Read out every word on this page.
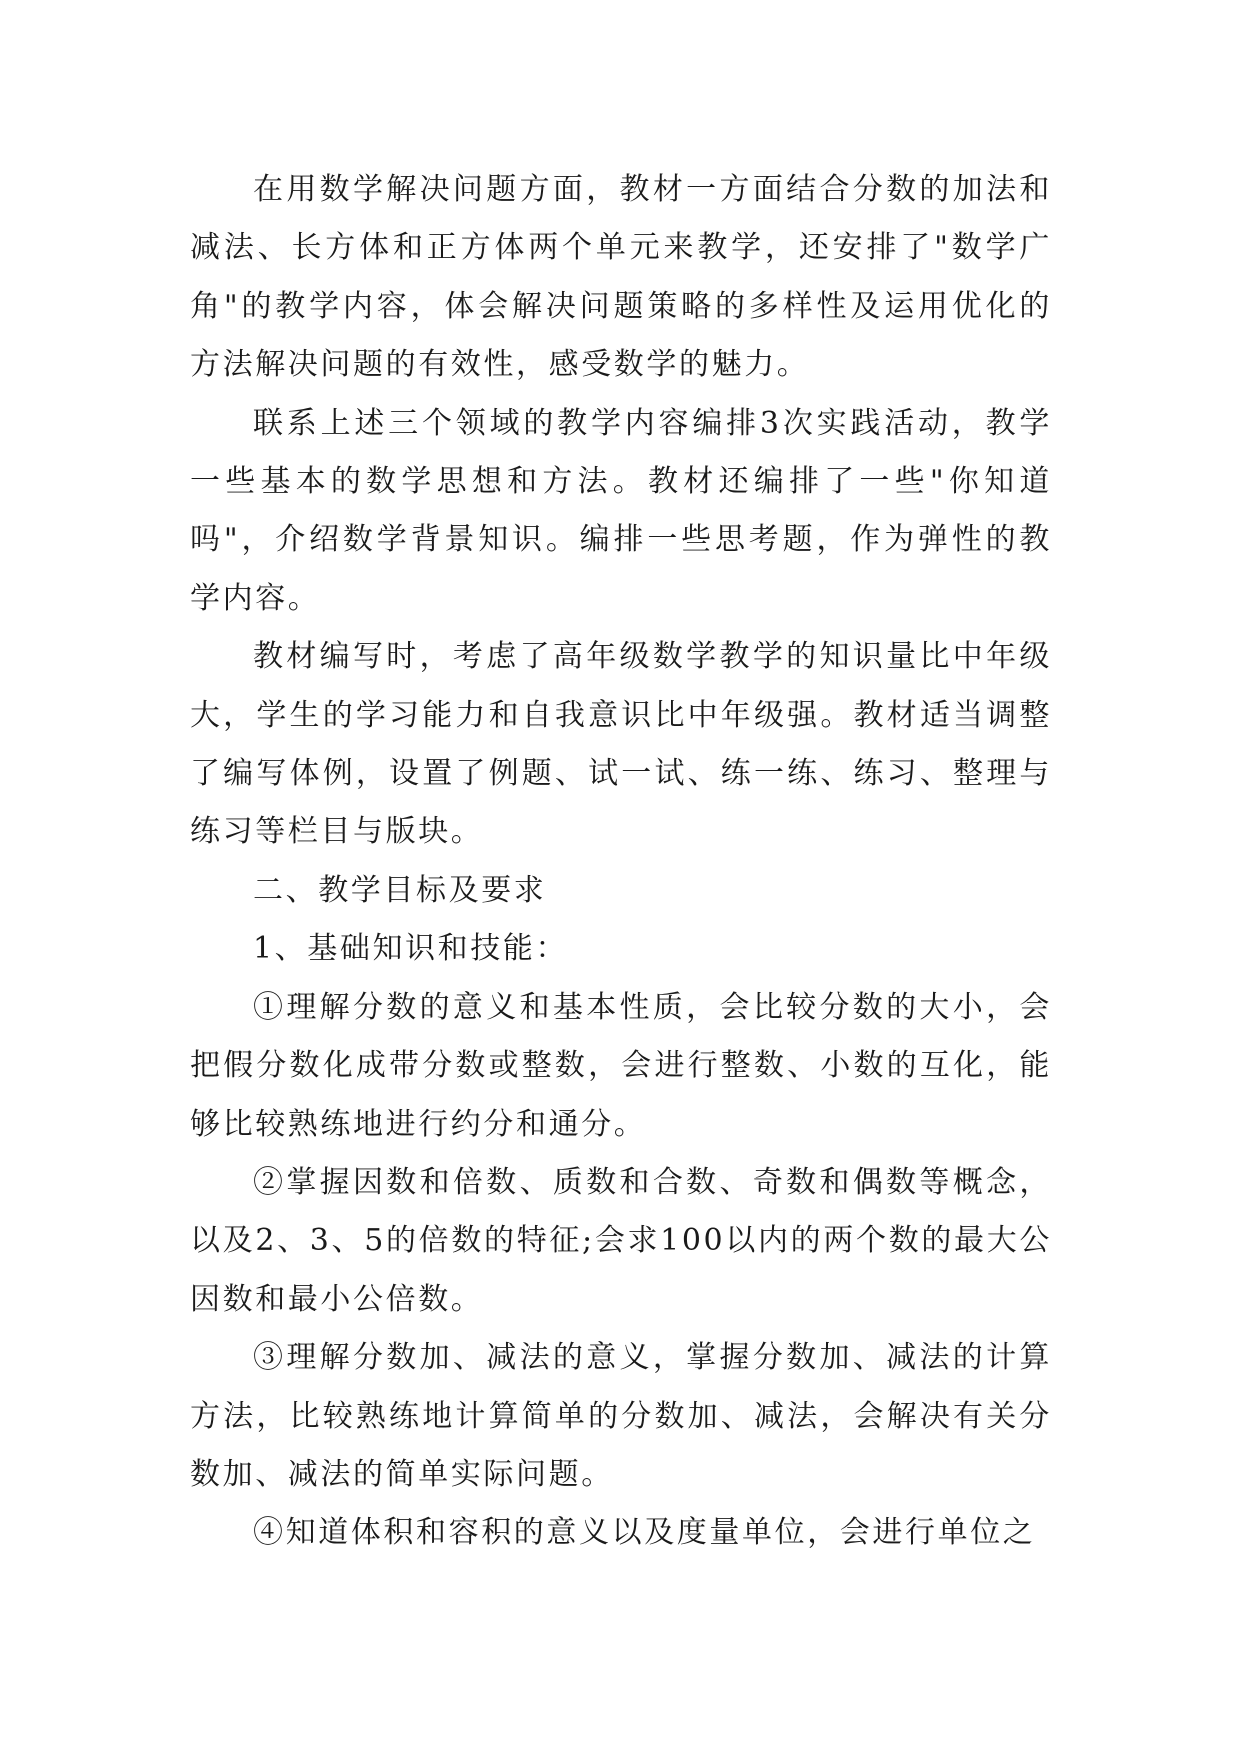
在用数学解决问题方面，教材一方面结合分数的加法和减法、长方体和正方体两个单元来教学，还安排了"数学广角"的教学内容，体会解决问题策略的多样性及运用优化的方法解决问题的有效性，感受数学的魅力。

联系上述三个领域的教学内容编排3次实践活动，教学一些基本的数学思想和方法。教材还编排了一些"你知道吗"，介绍数学背景知识。编排一些思考题，作为弹性的教学内容。

教材编写时，考虑了高年级数学教学的知识量比中年级大，学生的学习能力和自我意识比中年级强。教材适当调整了编写体例，设置了例题、试一试、练一练、练习、整理与练习等栏目与版块。

二、教学目标及要求

1、基础知识和技能：

①理解分数的意义和基本性质，会比较分数的大小，会把假分数化成带分数或整数，会进行整数、小数的互化，能够比较熟练地进行约分和通分。

②掌握因数和倍数、质数和合数、奇数和偶数等概念，以及2、3、5的倍数的特征;会求100以内的两个数的最大公因数和最小公倍数。

③理解分数加、减法的意义，掌握分数加、减法的计算方法，比较熟练地计算简单的分数加、减法，会解决有关分数加、减法的简单实际问题。

④知道体积和容积的意义以及度量单位，会进行单位之
